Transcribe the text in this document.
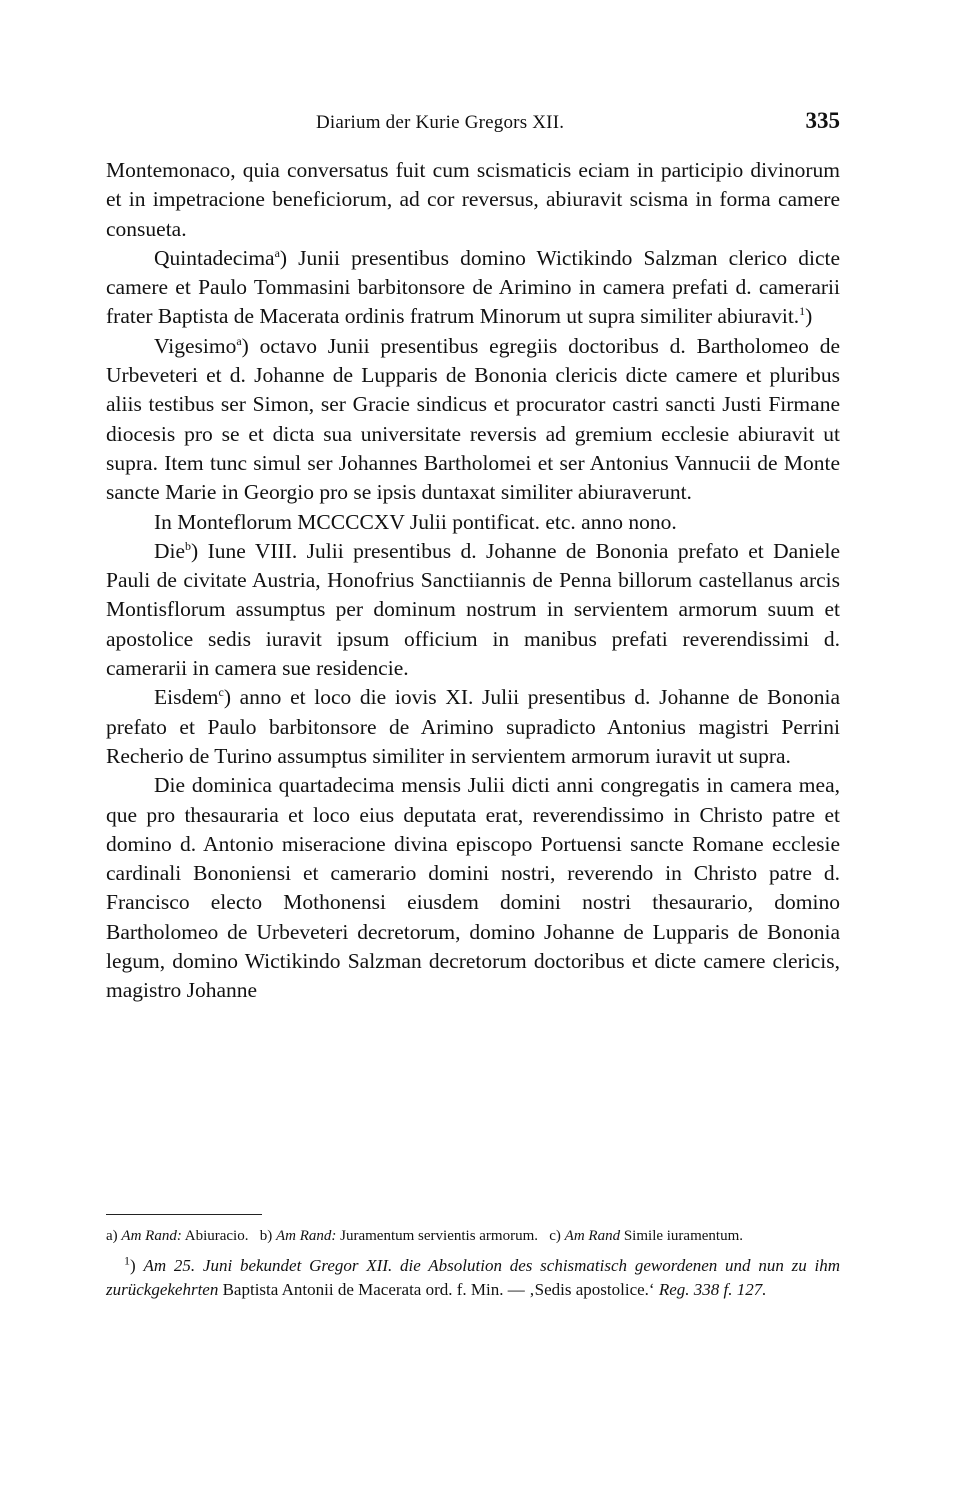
Diarium der Kurie Gregors XII.	335

Montemonaco, quia conversatus fuit cum scismaticis eciam in participio divinorum et in impetracione beneficiorum, ad cor reversus, abiuravit scisma in forma camere consueta.

Quintadecima$^a$) Junii presentibus domino Wictikindo Salzman clerico dicte camere et Paulo Tommasini barbitonsore de Arimino in camera prefati d. camerarii frater Baptista de Macerata ordinis fratrum Minorum ut supra similiter abiuravit.$^1$)

Vigesimo$^a$) octavo Junii presentibus egregiis doctoribus d. Bartholomeo de Urbeveteri et d. Johanne de Lupparis de Bononia clericis dicte camere et pluribus aliis testibus ser Simon, ser Gracie sindicus et procurator castri sancti Justi Firmane diocesis pro se et dicta sua universitate reversis ad gremium ecclesie abiuravit ut supra. Item tunc simul ser Johannes Bartholomei et ser Antonius Vannucii de Monte sancte Marie in Georgio pro se ipsis duntaxat similiter abiuraverunt.

In Monteflorum MCCCCXV Julii pontificat. etc. anno nono.

Die$^b$) Iune VIII. Julii presentibus d. Johanne de Bononia prefato et Daniele Pauli de civitate Austria, Honofrius Sanctiiannis de Penna billorum castellanus arcis Montisflorum assumptus per dominum nostrum in servientem armorum suum et apostolice sedis iuravit ipsum officium in manibus prefati reverendissimi d. camerarii in camera sue residencie.

Eisdem$^c$) anno et loco die iovis XI. Julii presentibus d. Johanne de Bononia prefato et Paulo barbitonsore de Arimino supradicto Antonius magistri Perrini Recherio de Turino assumptus similiter in servientem armorum iuravit ut supra.

Die dominica quartadecima mensis Julii dicti anni congregatis in camera mea, que pro thesauraria et loco eius deputata erat, reverendissimo in Christo patre et domino d. Antonio miseracione divina episcopo Portuensi sancte Romane ecclesie cardinali Bononiensi et camerario domini nostri, reverendo in Christo patre d. Francisco electo Mothonensi eiusdem domini nostri thesaurario, domino Bartholomeo de Urbeveteri decretorum, domino Johanne de Lupparis de Bononia legum, domino Wictikindo Salzman decretorum doctoribus et dicte camere clericis, magistro Johanne

a) Am Rand: Abiuracio. b) Am Rand: Juramentum servientis armorum. c) Am Rand Simile iuramentum.

$^1$) Am 25. Juni bekundet Gregor XII. die Absolution des schismatisch gewordenen und nun zu ihm zurückgekehrten Baptista Antonii de Macerata ord. f. Min. — ‚Sedis apostolice.‘ Reg. 338 f. 127.
